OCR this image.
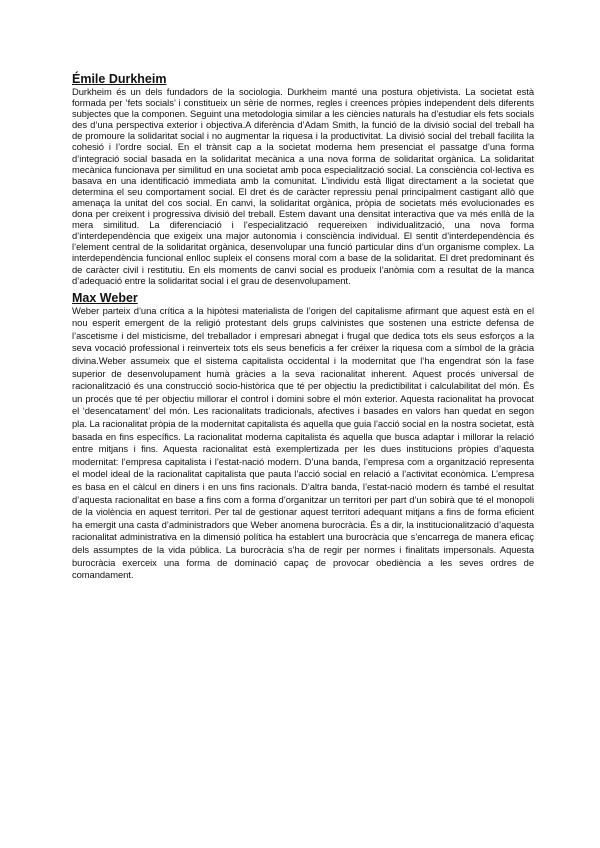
Émile Durkheim

Durkheim és un dels fundadors de la sociologia. Durkheim manté una postura objetivista. La societat està formada per ‘fets socials’ i constitueix un sèrie de normes, regles i creences pròpies independent dels diferents subjectes que la componen. Seguint una metodologia similar a les ciències naturals ha d’estudiar els fets socials des d’una perspectiva exterior i objectiva.A diferència d’Adam Smith, la funció de la divisió social del treball ha de promoure la solidaritat social i no augmentar la riquesa i la productivitat. La divisió social del treball facilita la cohesió i l’ordre social. En el trànsit cap a la societat moderna hem presenciat el passatge d’una forma d’integració social basada en la solidaritat mecànica a una nova forma de solidaritat orgànica. La solidaritat mecànica funcionava per similitud en una societat amb poca especialització social. La consciència col·lectiva es basava en una identificació immediata amb la comunitat. L’individu està lligat directament a la societat que determina el seu comportament social. El dret és de caràcter repressiu penal principalment castigant allò que amenaça la unitat del cos social. En canvi, la solidaritat orgànica, pròpia de societats més evolucionades es dona per creixent i progressiva divisió del treball. Estem davant una densitat interactiva que va més enllà de la mera similitud. La diferenciació i l’especialització requereixen individualització, una nova forma d’interdependència que exigeix una major autonomia i consciència individual. El sentit d’interdependència és l’element central de la solidaritat orgànica, desenvolupar una funció particular dins d’un organisme complex. La interdependència funcional enlloc supleix el consens moral com a base de la solidaritat. El dret predominant és de caràcter civil i restitutiu. En els moments de canvi social es produeix l’anòmia com a resultat de la manca d’adequació entre la solidaritat social i el grau de desenvolupament.

Max Weber

Weber parteix d’una crítica a la hipòtesi materialista de l’origen del capitalisme afirmant que aquest està en el nou esperit emergent de la religió protestant dels grups calvinistes que sostenen una estricte defensa de l’ascetisme i del misticisme, del treballador i empresari abnegat i frugal que dedica tots els seus esforços a la seva vocació professional i reinverteix tots els seus beneficis a fer créixer la riquesa com a símbol de la gràcia divina.Weber assumeix que el sistema capitalista occidental i la modernitat que l’ha engendrat són la fase superior de desenvolupament humà gràcies a la seva racionalitat inherent. Aquest procés universal de racionalització és una construcció socio-històrica que té per objectiu la predictibilitat i calculabilitat del món. És un procés que té per objectiu millorar el control i domini sobre el món exterior. Aquesta racionalitat ha provocat el ‘desencatament’ del món. Les racionalitats tradicionals, afectives i basades en valors han quedat en segon pla. La racionalitat pròpia de la modernitat capitalista és aquella que guia l’acció social en la nostra societat, està basada en fins específics. La racionalitat moderna capitalista és aquella que busca adaptar i millorar la relació entre mitjans i fins. Aquesta racionalitat està exemplertizada per les dues institucions pròpies d’aquesta modernitat: l’empresa capitalista i l’estat-nació modern. D’una banda, l’empresa com a organització representa el model ideal de la racionalitat capitalista que pauta l’acció social en relació a l’activitat econòmica. L’empresa es basa en el càlcul en diners i en uns fins racionals. D’altra banda, l’estat-nació modern és també el resultat d’aquesta racionalitat en base a fins com a forma d’organitzar un territori per part d’un sobirà que té el monopoli de la violència en aquest territori. Per tal de gestionar aquest territori adequant mitjans a fins de forma eficient ha emergit una casta d’administradors que Weber anomena burocràcia. És a dir, la institucionalització d’aquesta racionalitat administrativa en la dimensió política ha establert una burocràcia que s’encarrega de manera eficaç dels assumptes de la vida pública. La burocràcia s’ha de regir per normes i finalitats impersonals. Aquesta burocràcia exerceix una forma de dominació capaç de provocar obediència a les seves ordres de comandament.
